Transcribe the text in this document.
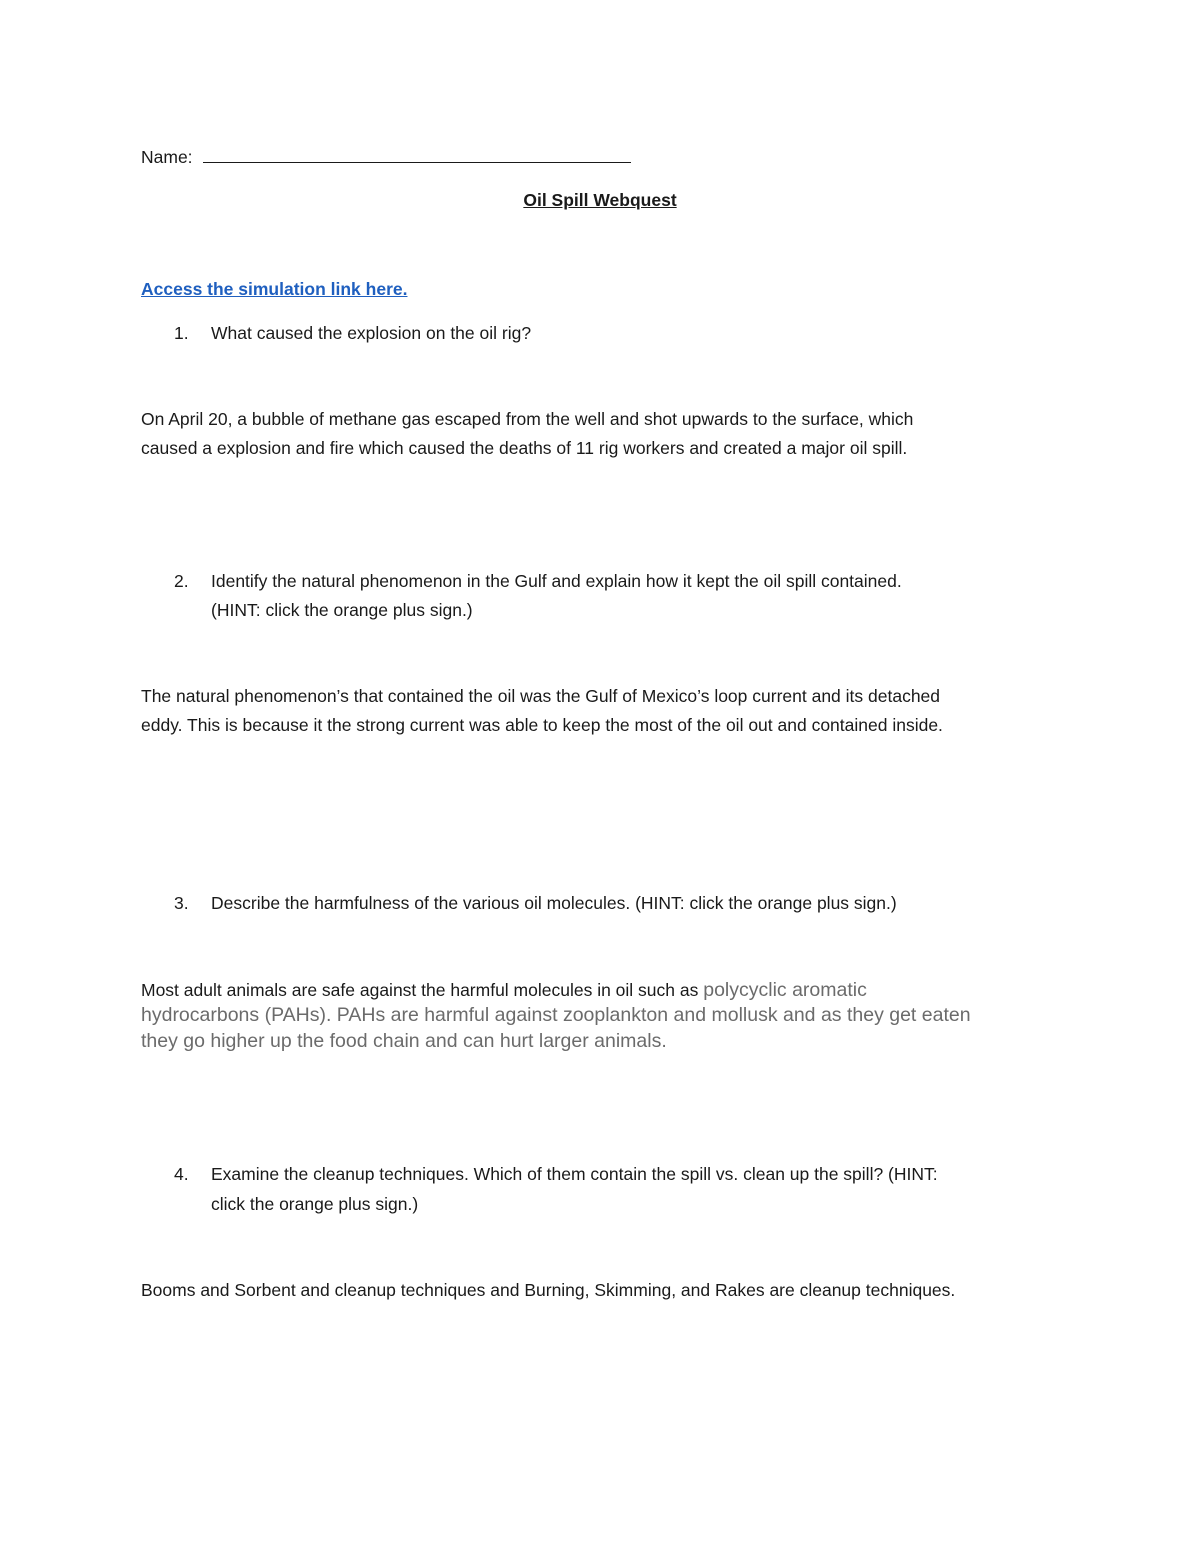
Name:
Oil Spill Webquest
Access the simulation link here.
1. What caused the explosion on the oil rig?
On April 20, a bubble of methane gas escaped from the well and shot upwards to the surface, which
caused a explosion and fire which caused the deaths of 11 rig workers and created a major oil spill.
2. Identify the natural phenomenon in the Gulf and explain how it kept the oil spill contained.
(HINT: click the orange plus sign.)
The natural phenomenon’s that contained the oil was the Gulf of Mexico’s loop current and its detached
eddy. This is because it the strong current was able to keep the most of the oil out and contained inside.
3. Describe the harmfulness of the various oil molecules. (HINT: click the orange plus sign.)
Most adult animals are safe against the harmful molecules in oil such as polycyclic aromatic
hydrocarbons (PAHs). PAHs are harmful against zooplankton and mollusk and as they get eaten
they go higher up the food chain and can hurt larger animals.
4. Examine the cleanup techniques. Which of them contain the spill vs. clean up the spill? (HINT:
click the orange plus sign.)
Booms and Sorbent and cleanup techniques and Burning, Skimming, and Rakes are cleanup techniques.
